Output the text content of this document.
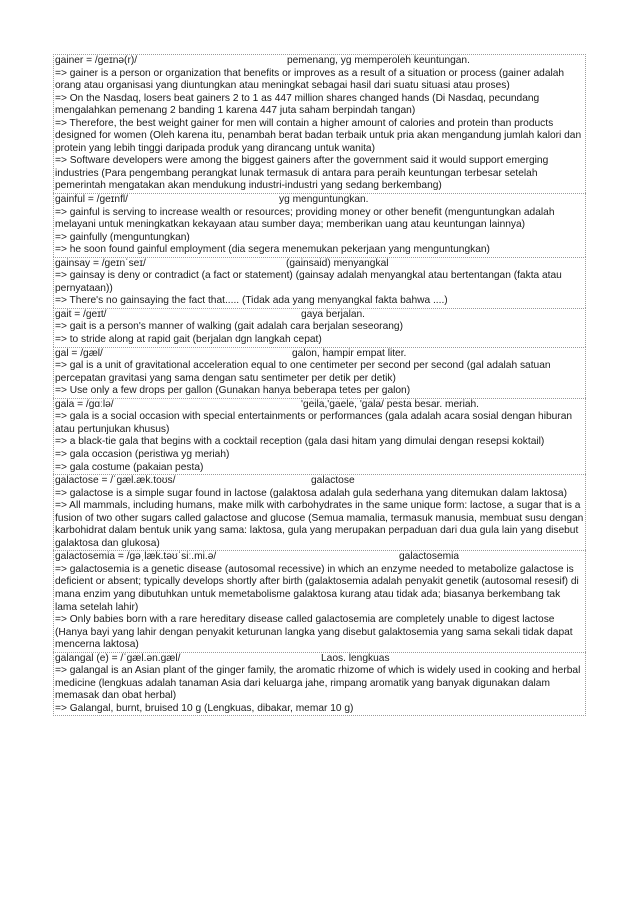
gainer = /ɡeɪnə(r)/	pemenang, yg memperoleh keuntungan.
=> gainer is a person or organization that benefits or improves as a result of a situation or process (gainer adalah orang atau organisasi yang diuntungkan atau meningkat sebagai hasil dari suatu situasi atau proses)
=> On the Nasdaq, losers beat gainers 2 to 1 as 447 million shares changed hands (Di Nasdaq, pecundang mengalahkan pemenang 2 banding 1 karena 447 juta saham berpindah tangan)
=> Therefore, the best weight gainer for men will contain a higher amount of calories and protein than products designed for women (Oleh karena itu, penambah berat badan terbaik untuk pria akan mengandung jumlah kalori dan protein yang lebih tinggi daripada produk yang dirancang untuk wanita)
=> Software developers were among the biggest gainers after the government said it would support emerging industries (Para pengembang perangkat lunak termasuk di antara para peraih keuntungan terbesar setelah pemerintah mengatakan akan mendukung industri-industri yang sedang berkembang)
gainful = /ɡeɪnfl/	yg menguntungkan.
=> gainful is serving to increase wealth or resources; providing money or other benefit (menguntungkan adalah melayani untuk meningkatkan kekayaan atau sumber daya; memberikan uang atau keuntungan lainnya)
=> gainfully (menguntungkan)
=> he soon found gainful employment (dia segera menemukan pekerjaan yang menguntungkan)
gainsay = /ɡeɪnˈseɪ/	(gainsaid) menyangkal
=> gainsay is deny or contradict (a fact or statement) (gainsay adalah menyangkal atau bertentangan (fakta atau pernyataan))
=> There's no gainsaying the fact that..... (Tidak ada yang menyangkal fakta bahwa ....)
gait = /ɡeɪt/	gaya berjalan.
=> gait is a person's manner of walking (gait adalah cara berjalan seseorang)
=> to stride along at rapid gait (berjalan dgn langkah cepat)
gal = /ɡæl/	galon, hampir empat liter.
=> gal is a unit of gravitational acceleration equal to one centimeter per second per second (gal adalah satuan percepatan gravitasi yang sama dengan satu sentimeter per detik per detik)
=> Use only a few drops per gallon (Gunakan hanya beberapa tetes per galon)
gala = /ɡɑːlə/	'geila,'gaele, 'gala/ pesta besar. meriah.
=> gala is a social occasion with special entertainments or performances (gala adalah acara sosial dengan hiburan atau pertunjukan khusus)
=> a black-tie gala that begins with a cocktail reception (gala dasi hitam yang dimulai dengan resepsi koktail)
=> gala occasion (peristiwa yg meriah)
=> gala costume (pakaian pesta)
galactose = /ˈɡæl.æk.toʊs/	galactose
=> galactose is a simple sugar found in lactose (galaktosa adalah gula sederhana yang ditemukan dalam laktosa)
=> All mammals, including humans, make milk with carbohydrates in the same unique form: lactose, a sugar that is a fusion of two other sugars called galactose and glucose (Semua mamalia, termasuk manusia, membuat susu dengan karbohidrat dalam bentuk unik yang sama: laktosa, gula yang merupakan perpaduan dari dua gula lain yang disebut galaktosa dan glukosa)
galactosemia = /ɡəˌlæk.təʊˈsiː.mi.ə/	galactosemia
=> galactosemia is a genetic disease (autosomal recessive) in which an enzyme needed to metabolize galactose is deficient or absent; typically develops shortly after birth (galaktosemia adalah penyakit genetik (autosomal resesif) di mana enzim yang dibutuhkan untuk memetabolisme galaktosa kurang atau tidak ada; biasanya berkembang tak lama setelah lahir)
=> Only babies born with a rare hereditary disease called galactosemia are completely unable to digest lactose (Hanya bayi yang lahir dengan penyakit keturunan langka yang disebut galaktosemia yang sama sekali tidak dapat mencerna laktosa)
galangal (e) = /ˈɡæl.ən.ɡæl/	Laos. lengkuas
=> galangal is an Asian plant of the ginger family, the aromatic rhizome of which is widely used in cooking and herbal medicine (lengkuas adalah tanaman Asia dari keluarga jahe, rimpang aromatik yang banyak digunakan dalam memasak dan obat herbal)
=> Galangal, burnt, bruised 10 g (Lengkuas, dibakar, memar 10 g)
